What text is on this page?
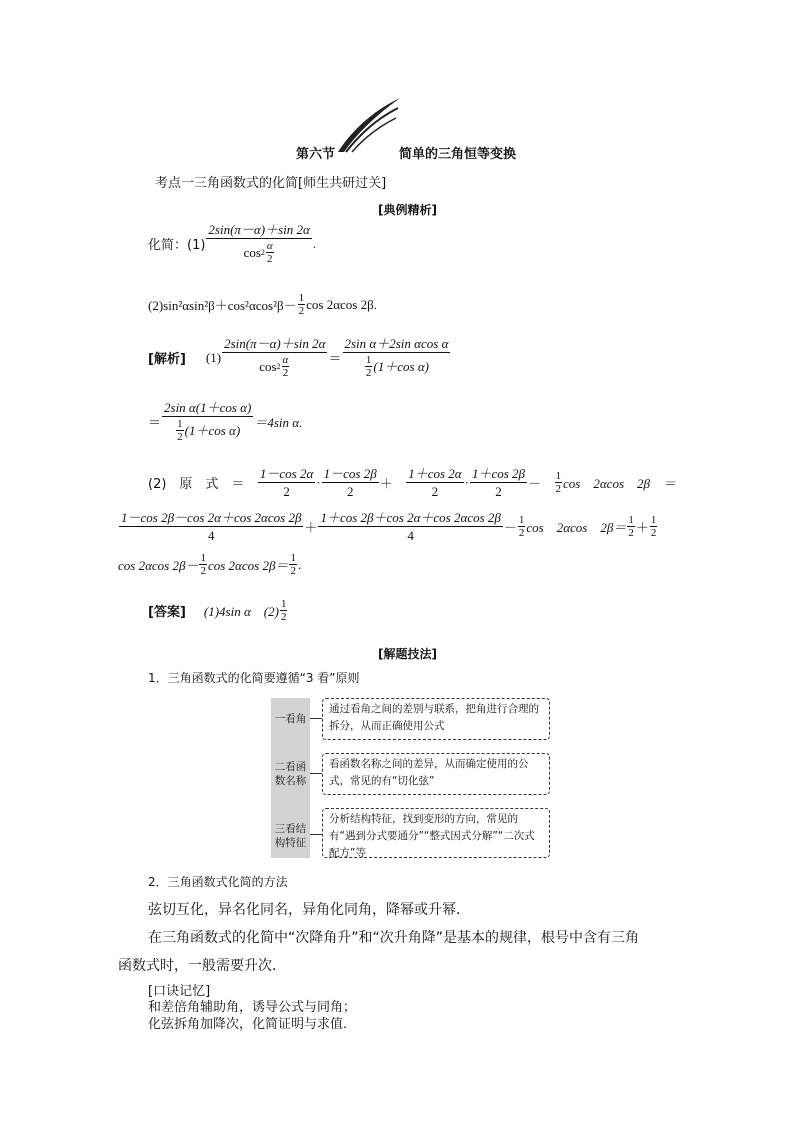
第六节	简单的三角恒等变换
考点一三角函数式的化简[师生共研过关]
[典例精析]
化简：$(1) \frac{2\sin(\pi-\alpha)+\sin 2\alpha}{\cos 2 \frac{\alpha}{2}}$ .
$(2)\sin^2\alpha\sin^2\beta+\cos^2\alpha\cos^2\beta- \frac{1}{2}$ cos 2αcos 2β.
[解析] $(1) \frac{2\sin(\pi-\alpha)+\sin 2\alpha}{\cos 2 \frac{\alpha}{2}} = \frac{\text{2sin α＋2sin αcos α}}{\frac{1}{2} (1+\cos \alpha)}$
＝ $\frac{\text{2sin α(1＋cos α)}}{\frac{1}{2} (1+\cos \alpha)} =4\sin$ α.
(2)　原　式　＝ $\frac{1-\cos 2\alpha}{2} \cdot \frac{1-\cos 2\beta}{2} + \frac{1+\cos 2\alpha}{2} \cdot \frac{1+\cos 2\beta}{2} - \frac{1}{2}$ cos　2αcos　2β　＝
$\frac{1-\cos 2\beta-\cos 2\alpha+\cos 2\alpha\cos 2\beta}{4} + \frac{1+\cos 2\beta+\cos 2\alpha+\cos 2\alpha\cos 2\beta}{4} - \frac{1}{2}$ cos　2αcos　$2\beta= \frac{1}{2} + \frac{1}{2}$
cos 2αcos $2\beta- \frac{1}{2}$ cos 2αcos $2\beta= \frac{1}{2}$ .
[答案] (1)4sin α　$(2) \frac{1}{2}$
[解题技法]
1．三角函数式的化简要遵循“3 看”原则
一看角
二看函数名称
三看结构特征
通过看角之间的差别与联系，把角进行合理的拆分，从而正确使用公式
看函数名称之间的差异，从而确定使用的公式，常见的有“切化弦”
分析结构特征，找到变形的方向，常见的有“遇到分式要通分”“整式因式分解”“二次式配方”等
2．三角函数式化简的方法
弦切互化，异名化同名，异角化同角，降幂或升幂．
在三角函数式的化简中“次降角升”和“次升角降”是基本的规律，根号中含有三角
函数式时，一般需要升次．
[口诀记忆]
和差倍角辅助角，诱导公式与同角；
化弦拆角加降次，化简证明与求值.
